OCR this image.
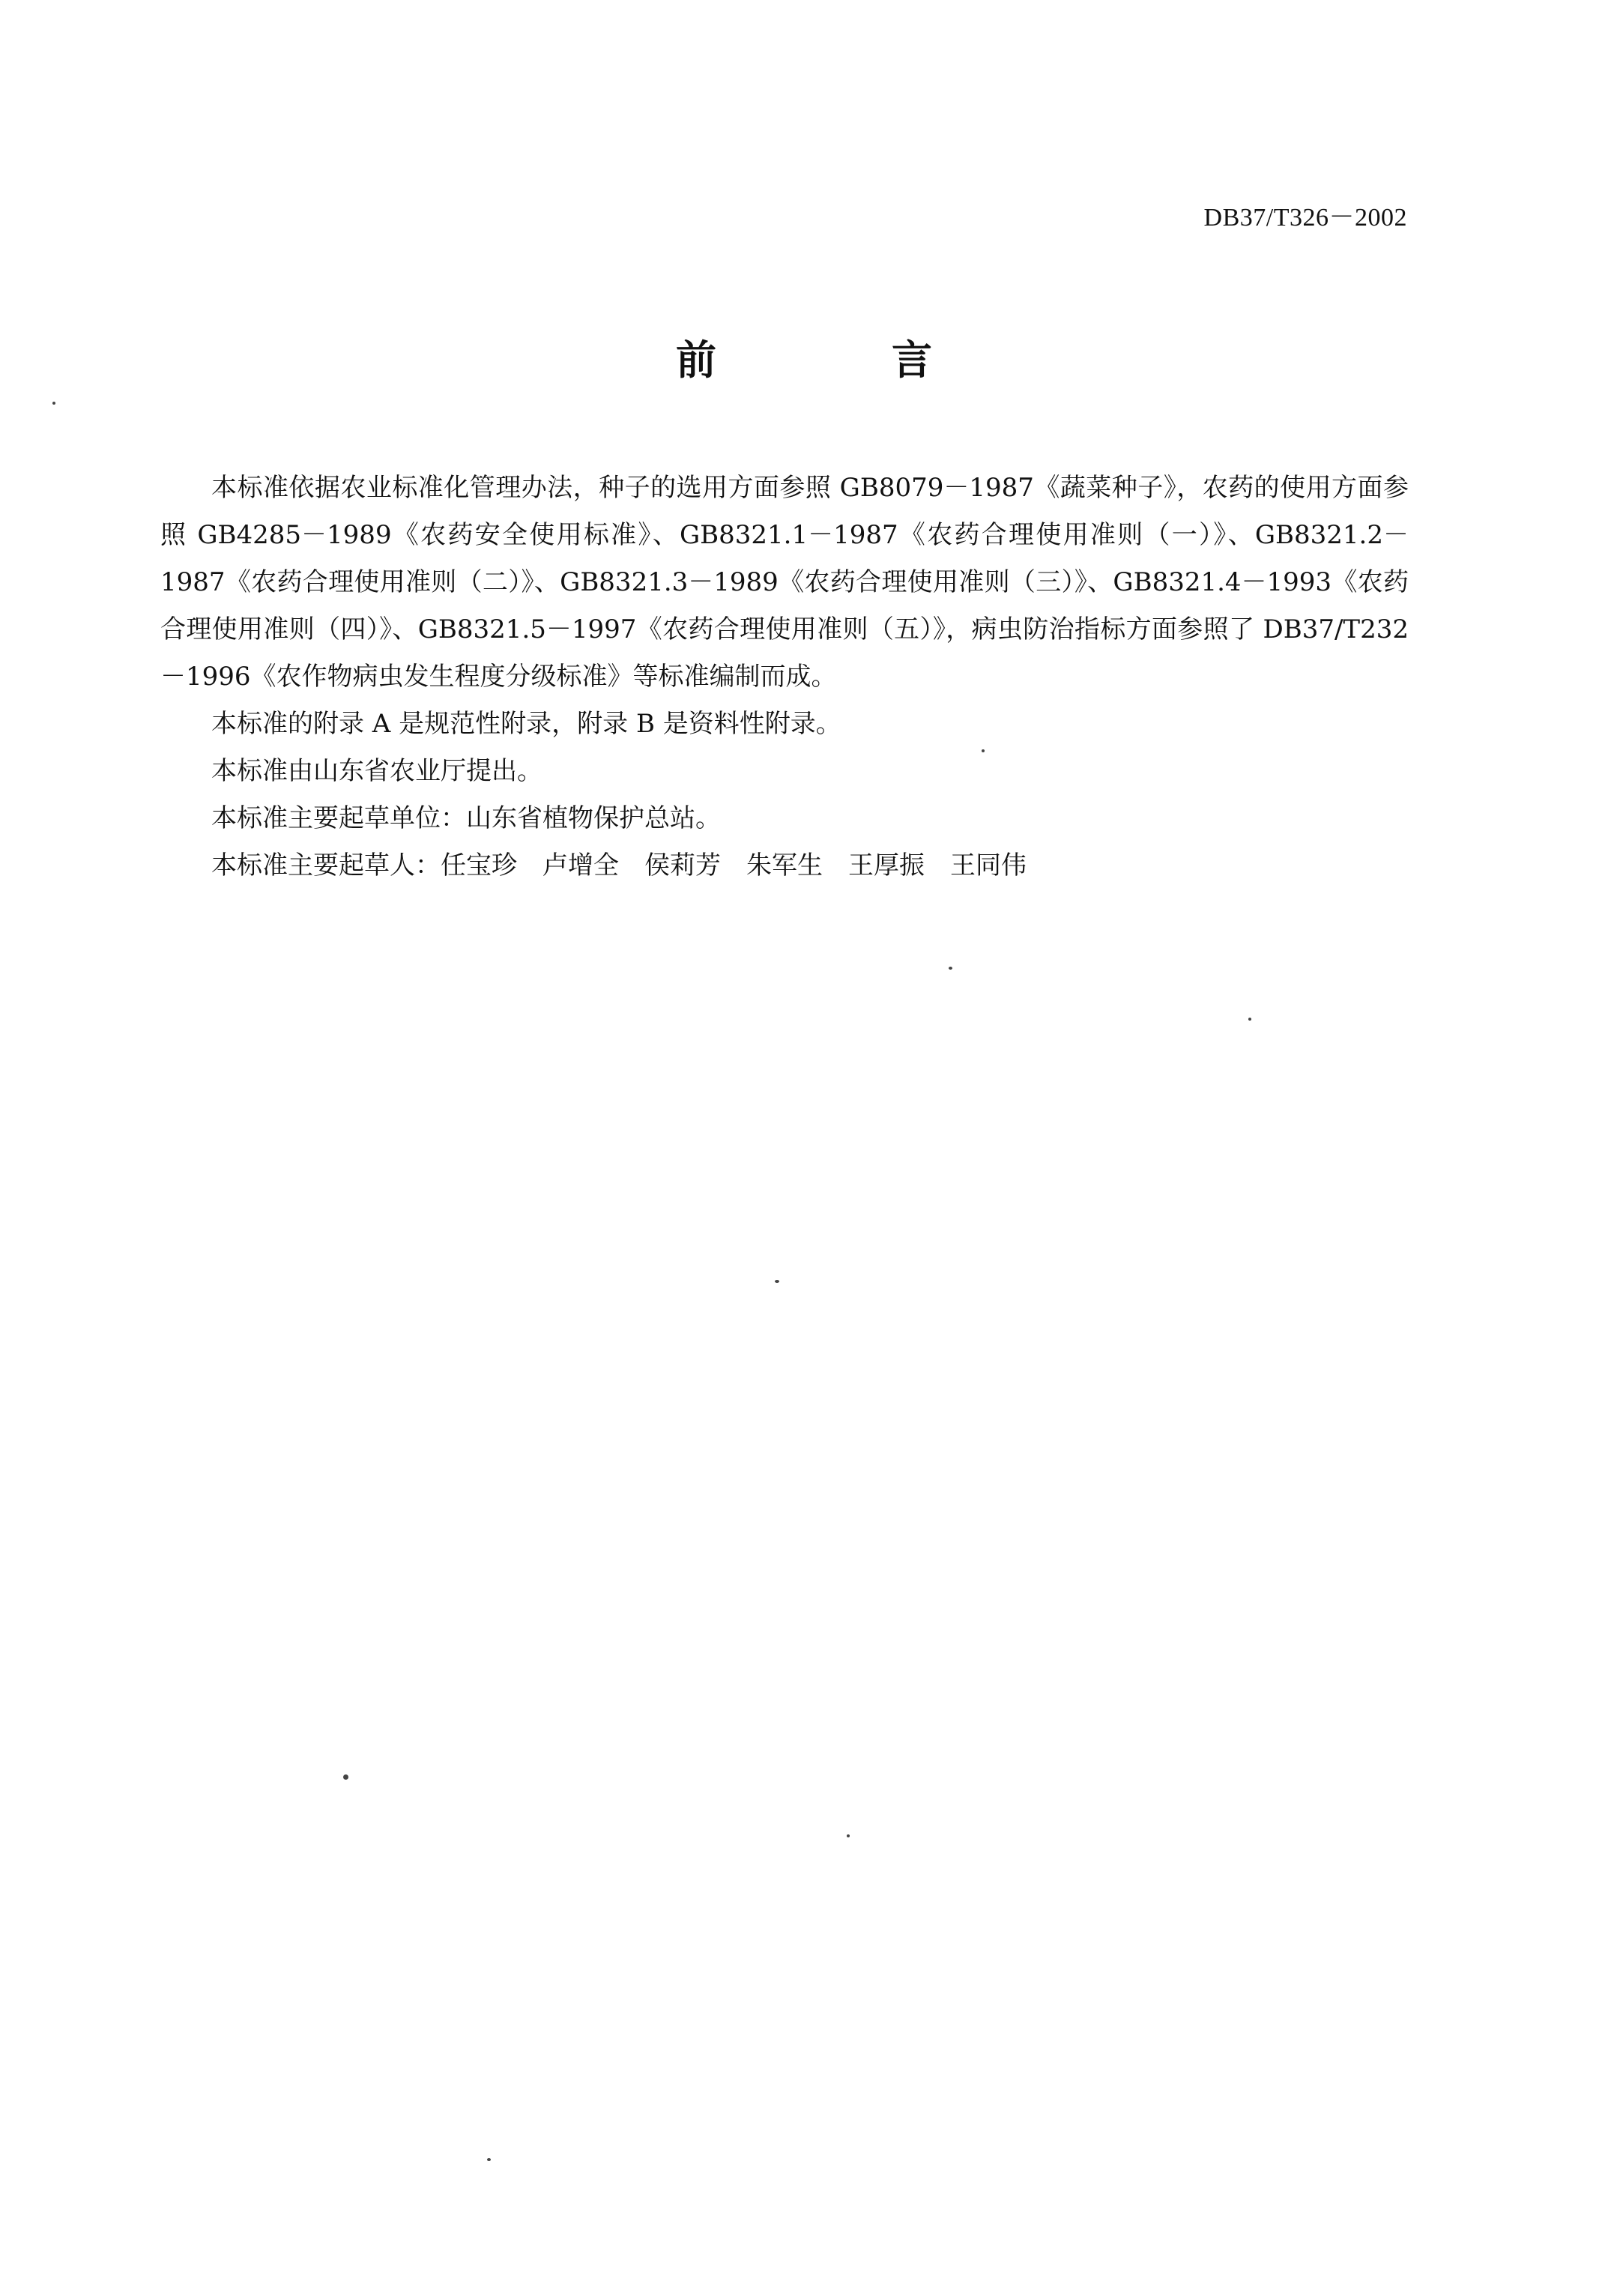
DB37/T326－2002
前　言

本标准依据农业标准化管理办法，种子的选用方面参照 GB8079－1987《蔬菜种子》，农药的使用方面参照 GB4285－1989《农药安全使用标准》、GB8321.1－1987《农药合理使用准则（一）》、GB8321.2－1987《农药合理使用准则（二）》、GB8321.3－1989《农药合理使用准则（三）》、GB8321.4－1993《农药合理使用准则（四）》、GB8321.5－1997《农药合理使用准则（五）》，病虫防治指标方面参照了 DB37/T232－1996《农作物病虫发生程度分级标准》等标准编制而成。

本标准的附录 A 是规范性附录，附录 B 是资料性附录。

本标准由山东省农业厅提出。

本标准主要起草单位：山东省植物保护总站。

本标准主要起草人：任宝珍　卢增全　侯莉芳　朱军生　王厚振　王同伟
